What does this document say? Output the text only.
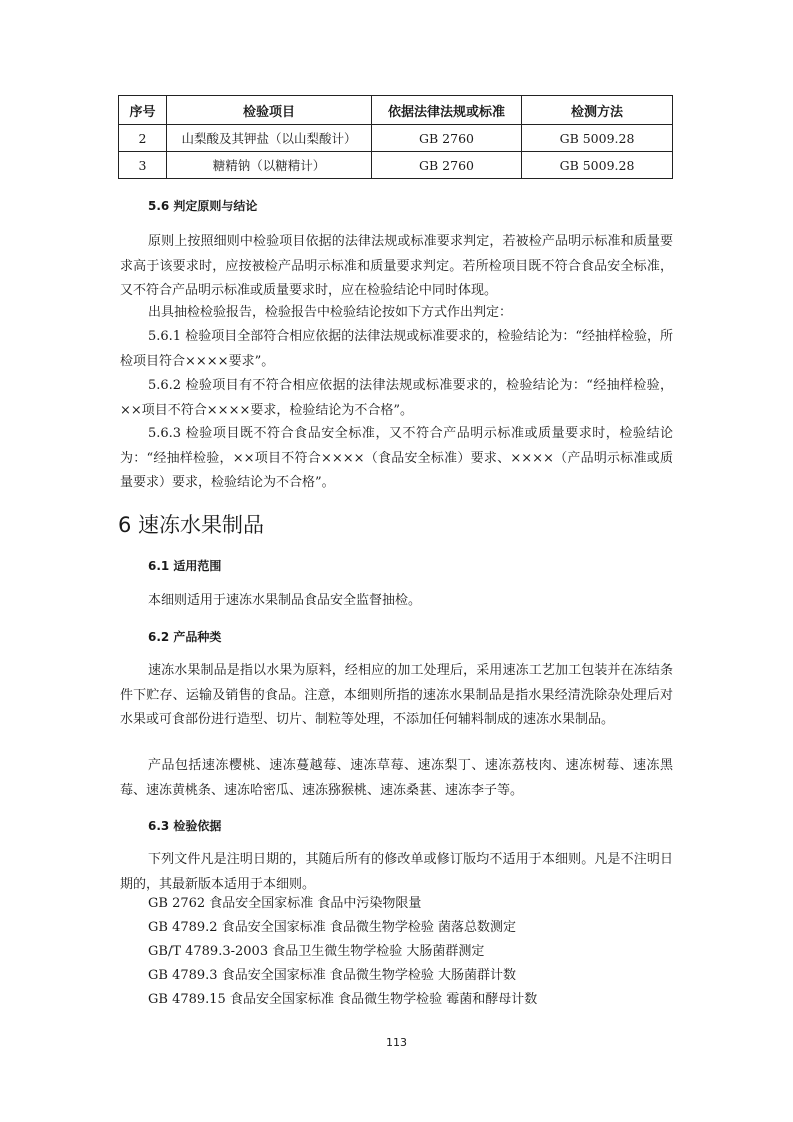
序号	检验项目	依据法律法规或标准	检测方法
2	山梨酸及其钾盐（以山梨酸计）	GB 2760	GB 5009.28
3	糖精钠（以糖精计）	GB 2760	GB 5009.28

5.6 判定原则与结论

原则上按照细则中检验项目依据的法律法规或标准要求判定，若被检产品明示标准和质量要求高于该要求时，应按被检产品明示标准和质量要求判定。若所检项目既不符合食品安全标准，又不符合产品明示标准或质量要求时，应在检验结论中同时体现。

出具抽检检验报告，检验报告中检验结论按如下方式作出判定：

5.6.1 检验项目全部符合相应依据的法律法规或标准要求的，检验结论为：“经抽样检验，所检项目符合××××要求”。

5.6.2 检验项目有不符合相应依据的法律法规或标准要求的，检验结论为：“经抽样检验，××项目不符合××××要求，检验结论为不合格”。

5.6.3 检验项目既不符合食品安全标准，又不符合产品明示标准或质量要求时，检验结论为：“经抽样检验，××项目不符合××××（食品安全标准）要求、××××（产品明示标准或质量要求）要求，检验结论为不合格”。

6 速冻水果制品

6.1 适用范围

本细则适用于速冻水果制品食品安全监督抽检。

6.2 产品种类

速冻水果制品是指以水果为原料，经相应的加工处理后，采用速冻工艺加工包装并在冻结条件下贮存、运输及销售的食品。注意，本细则所指的速冻水果制品是指水果经清洗除杂处理后对水果或可食部份进行造型、切片、制粒等处理，不添加任何辅料制成的速冻水果制品。

产品包括速冻樱桃、速冻蔓越莓、速冻草莓、速冻梨丁、速冻荔枝肉、速冻树莓、速冻黑莓、速冻黄桃条、速冻哈密瓜、速冻猕猴桃、速冻桑葚、速冻李子等。

6.3 检验依据

下列文件凡是注明日期的，其随后所有的修改单或修订版均不适用于本细则。凡是不注明日期的，其最新版本适用于本细则。

GB 2762 食品安全国家标准 食品中污染物限量

GB 4789.2 食品安全国家标准 食品微生物学检验 菌落总数测定

GB/T 4789.3-2003 食品卫生微生物学检验 大肠菌群测定

GB 4789.3 食品安全国家标准 食品微生物学检验 大肠菌群计数

GB 4789.15 食品安全国家标准 食品微生物学检验 霉菌和酵母计数

113
